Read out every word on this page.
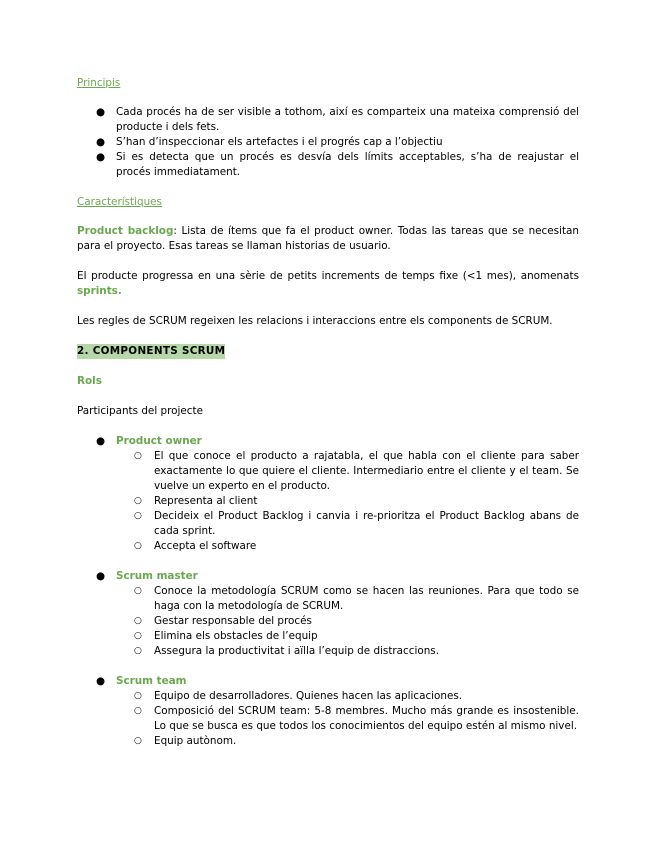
Principis

● Cada procés ha de ser visible a tothom, així es comparteix una mateixa comprensió del producte i dels fets.
● S’han d’inspeccionar els artefactes i el progrés cap a l’objectiu
● Si es detecta que un procés es desvía dels límits acceptables, s’ha de reajustar el procés immediatament.

Característiques

Product backlog: Lista de ítems que fa el product owner. Todas las tareas que se necesitan para el proyecto. Esas tareas se llaman historias de usuario.

El producte progressa en una sèrie de petits increments de temps fixe (<1 mes), anomenats sprints.

Les regles de SCRUM regeixen les relacions i interaccions entre els components de SCRUM.

2. COMPONENTS SCRUM

Rols

Participants del projecte

● Product owner
○ El que conoce el producto a rajatabla, el que habla con el cliente para saber exactamente lo que quiere el cliente. Intermediario entre el cliente y el team. Se vuelve un experto en el producto.
○ Representa al client
○ Decideix el Product Backlog i canvia i re-prioritza el Product Backlog abans de cada sprint.
○ Accepta el software
● Scrum master
○ Conoce la metodología SCRUM como se hacen las reuniones. Para que todo se haga con la metodología de SCRUM.
○ Gestar responsable del procés
○ Elimina els obstacles de l’equip
○ Assegura la productivitat i aïlla l’equip de distraccions.
● Scrum team
○ Equipo de desarrolladores. Quienes hacen las aplicaciones.
○ Composició del SCRUM team: 5-8 membres. Mucho más grande es insostenible. Lo que se busca es que todos los conocimientos del equipo estén al mismo nivel.
○ Equip autònom.
